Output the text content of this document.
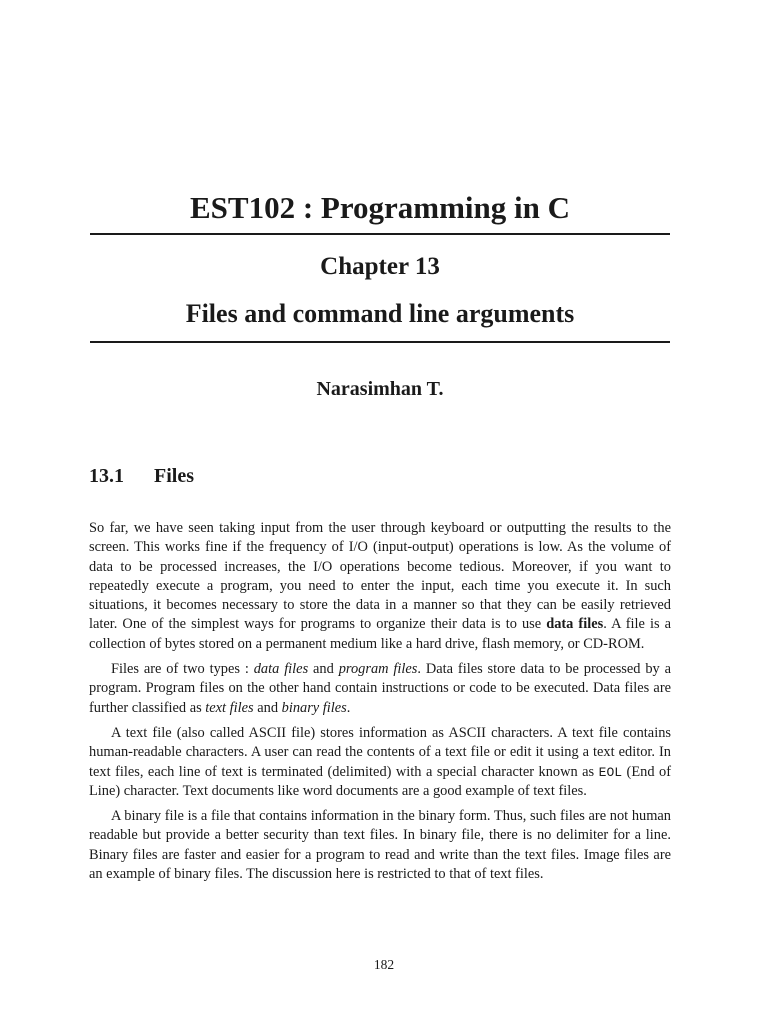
EST102 : Programming in C
Chapter 13
Files and command line arguments
Narasimhan T.
13.1 Files

So far, we have seen taking input from the user through keyboard or outputting the results to the screen. This works fine if the frequency of I/O (input-output) operations is low. As the volume of data to be processed increases, the I/O operations become tedious. Moreover, if you want to repeatedly execute a program, you need to enter the input, each time you execute it. In such situations, it becomes necessary to store the data in a manner so that they can be easily retrieved later. One of the simplest ways for programs to organize their data is to use data files. A file is a collection of bytes stored on a permanent medium like a hard drive, flash memory, or CD-ROM.

Files are of two types : data files and program files. Data files store data to be processed by a program. Program files on the other hand contain instructions or code to be executed. Data files are further classified as text files and binary files.

A text file (also called ASCII file) stores information as ASCII characters. A text file contains human-readable characters. A user can read the contents of a text file or edit it using a text editor. In text files, each line of text is terminated (delimited) with a special character known as EOL (End of Line) character. Text documents like word documents are a good example of text files.

A binary file is a file that contains information in the binary form. Thus, such files are not human readable but provide a better security than text files. In binary file, there is no delimiter for a line. Binary files are faster and easier for a program to read and write than the text files. Image files are an example of binary files. The discussion here is restricted to that of text files.

182
